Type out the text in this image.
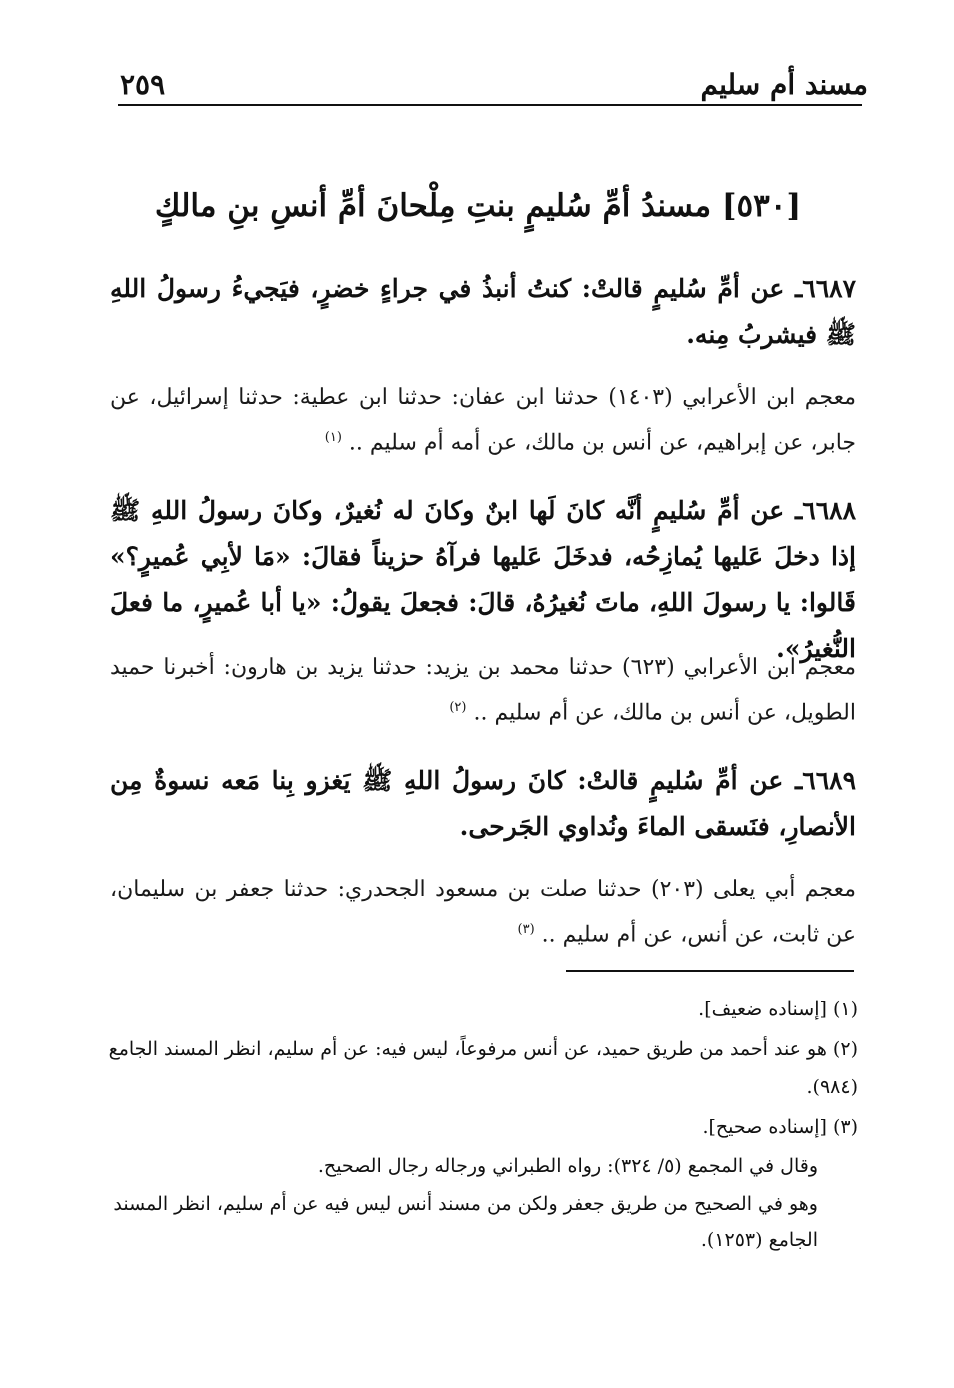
مسند أم سليم
٢٥٩
[٥٣٠] مسندُ أمِّ سُليمٍ بنتِ مِلْحانَ أمِّ أنسِ بنِ مالكٍ
٦٦٨٧ـ عن أمِّ سُليمٍ قالتْ: كنتُ أنبذُ في جراءٍ خضرٍ، فيَجيءُ رسولُ اللهِ ﷺ فيشربُ مِنه.
معجم ابن الأعرابي (١٤٠٣) حدثنا ابن عفان: حدثنا ابن عطية: حدثنا إسرائيل، عن جابر، عن إبراهيم، عن أنس بن مالك، عن أمه أم سليم .. $^{(١)}$
٦٦٨٨ـ عن أمِّ سُليمٍ أنَّه كانَ لَها ابنٌ وكانَ له نُغيرٌ، وكانَ رسولُ اللهِ ﷺ إذا دخلَ عَليها يُمازِحُه، فدخَلَ عَليها فرآهُ حزيناً فقالَ: «مَا لأبِي عُميرٍ؟» قَالوا: يا رسولَ اللهِ، ماتَ نُغيرُهُ، قالَ: فجعلَ يقولُ: «يا أبا عُميرٍ، ما فعلَ النُّغيرُ».
معجم ابن الأعرابي (٦٢٣) حدثنا محمد بن يزيد: حدثنا يزيد بن هارون: أخبرنا حميد الطويل، عن أنس بن مالك، عن أم سليم .. $^{(٢)}$
٦٦٨٩ـ عن أمِّ سُليمٍ قالتْ: كانَ رسولُ اللهِ ﷺ يَغزو بِنا مَعه نسوةٌ مِن الأنصارِ، فنَسقى الماءَ ونُداوي الجَرحى.
معجم أبي يعلى (٢٠٣) حدثنا صلت بن مسعود الجحدري: حدثنا جعفر بن سليمان، عن ثابت، عن أنس، عن أم سليم .. $^{(٣)}$
(١) [إسناده ضعيف].
(٢) هو عند أحمد من طريق حميد، عن أنس مرفوعاً، ليس فيه: عن أم سليم، انظر المسند الجامع (٩٨٤).
(٣) [إسناده صحيح].
وقال في المجمع (٥/ ٣٢٤): رواه الطبراني ورجاله رجال الصحيح.
وهو في الصحيح من طريق جعفر ولكن من مسند أنس ليس فيه عن أم سليم، انظر المسند الجامع (١٢٥٣).
